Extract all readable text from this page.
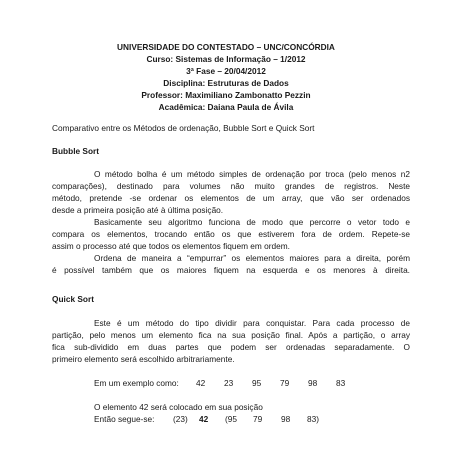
UNIVERSIDADE DO CONTESTADO – UNC/CONCÓRDIA
Curso: Sistemas de Informação – 1/2012
3ª Fase – 20/04/2012
Disciplina: Estruturas de Dados
Professor: Maximiliano Zambonatto Pezzin
Acadêmica: Daiana Paula de Ávila
Comparativo entre os Métodos de ordenação, Bubble Sort e Quick Sort
Bubble Sort
O método bolha é um método simples de ordenação por troca (pelo menos n2
comparações), destinado para volumes não muito grandes de registros. Neste
método, pretende -se ordenar os elementos de um array, que vão ser ordenados
desde a primeira posição até à última posição.
Basicamente seu algoritmo funciona de modo que percorre o vetor todo e
compara os elementos, trocando então os que estiverem fora de ordem. Repete-se
assim o processo até que todos os elementos fiquem em ordem.
Ordena de maneira a “empurrar” os elementos maiores para a direita, porém
é possível também que os maiores fiquem na esquerda e os menores à direita.
Quick Sort
Este é um método do tipo dividir para conquistar. Para cada processo de
partição, pelo menos um elemento fica na sua posição final. Após a partição, o array
fica sub-dividido em duas partes que podem ser ordenadas separadamente. O
primeiro elemento será escolhido arbitrariamente.
Em um exemplo como: 42 23 95 79 98 83
O elemento 42 será colocado em sua posição
Então segue-se: (23) 42 (95 79 98 83)
